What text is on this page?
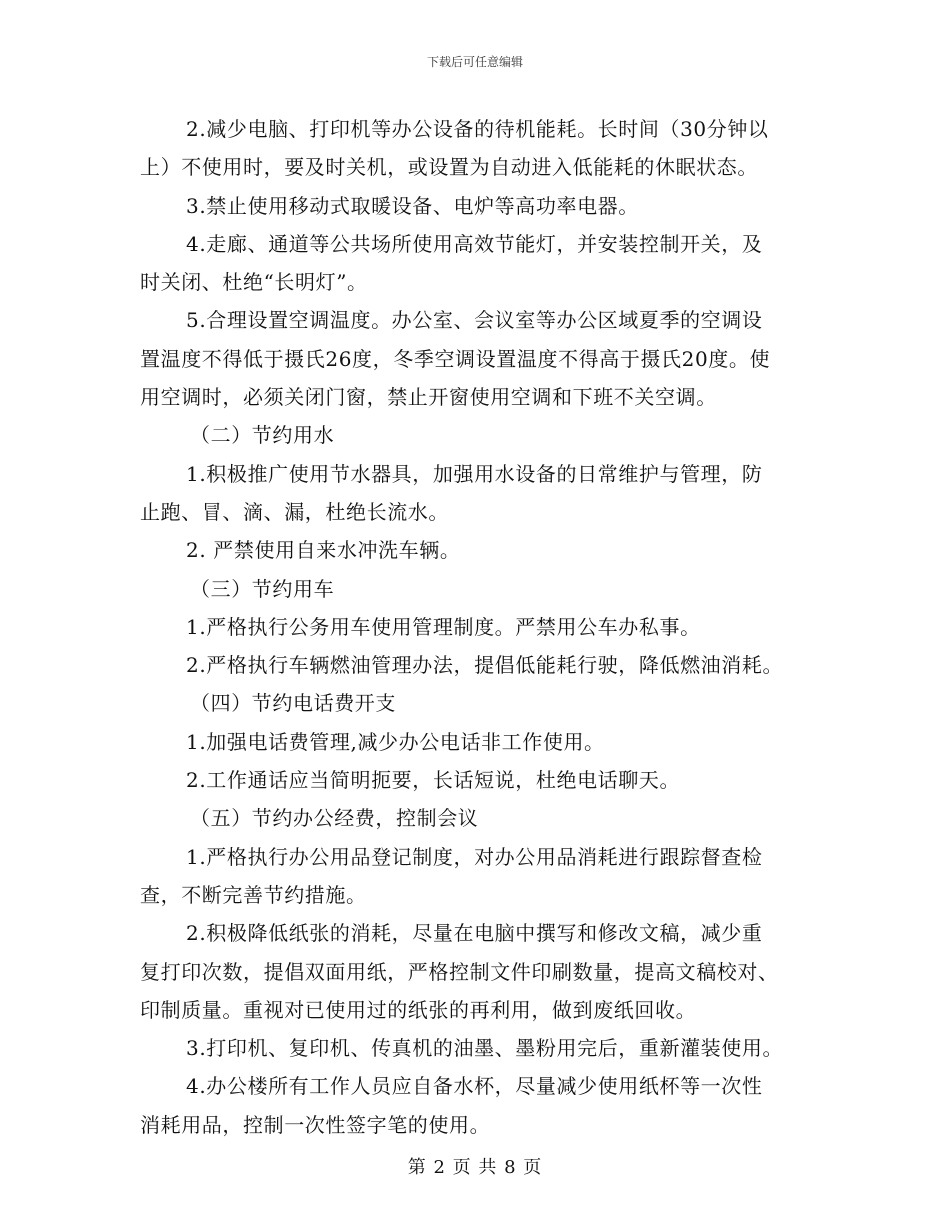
下载后可任意编辑
2.减少电脑、打印机等办公设备的待机能耗。长时间（30分钟以
上）不使用时，要及时关机，或设置为自动进入低能耗的休眠状态。
3.禁止使用移动式取暖设备、电炉等高功率电器。
4.走廊、通道等公共场所使用高效节能灯，并安装控制开关，及
时关闭、杜绝“长明灯”。
5.合理设置空调温度。办公室、会议室等办公区域夏季的空调设
置温度不得低于摄氏26度，冬季空调设置温度不得高于摄氏20度。使
用空调时，必须关闭门窗，禁止开窗使用空调和下班不关空调。
（二）节约用水
1.积极推广使用节水器具，加强用水设备的日常维护与管理，防
止跑、冒、滴、漏，杜绝长流水。
2. 严禁使用自来水冲洗车辆。
（三）节约用车
1.严格执行公务用车使用管理制度。严禁用公车办私事。
2.严格执行车辆燃油管理办法，提倡低能耗行驶，降低燃油消耗。
（四）节约电话费开支
1.加强电话费管理,减少办公电话非工作使用。
2.工作通话应当简明扼要，长话短说，杜绝电话聊天。
（五）节约办公经费，控制会议
1.严格执行办公用品登记制度，对办公用品消耗进行跟踪督查检
查，不断完善节约措施。
2.积极降低纸张的消耗，尽量在电脑中撰写和修改文稿，减少重
复打印次数，提倡双面用纸，严格控制文件印刷数量，提高文稿校对、
印制质量。重视对已使用过的纸张的再利用，做到废纸回收。
3.打印机、复印机、传真机的油墨、墨粉用完后，重新灌装使用。
4.办公楼所有工作人员应自备水杯，尽量减少使用纸杯等一次性
消耗用品，控制一次性签字笔的使用。
第 2 页 共 8 页
